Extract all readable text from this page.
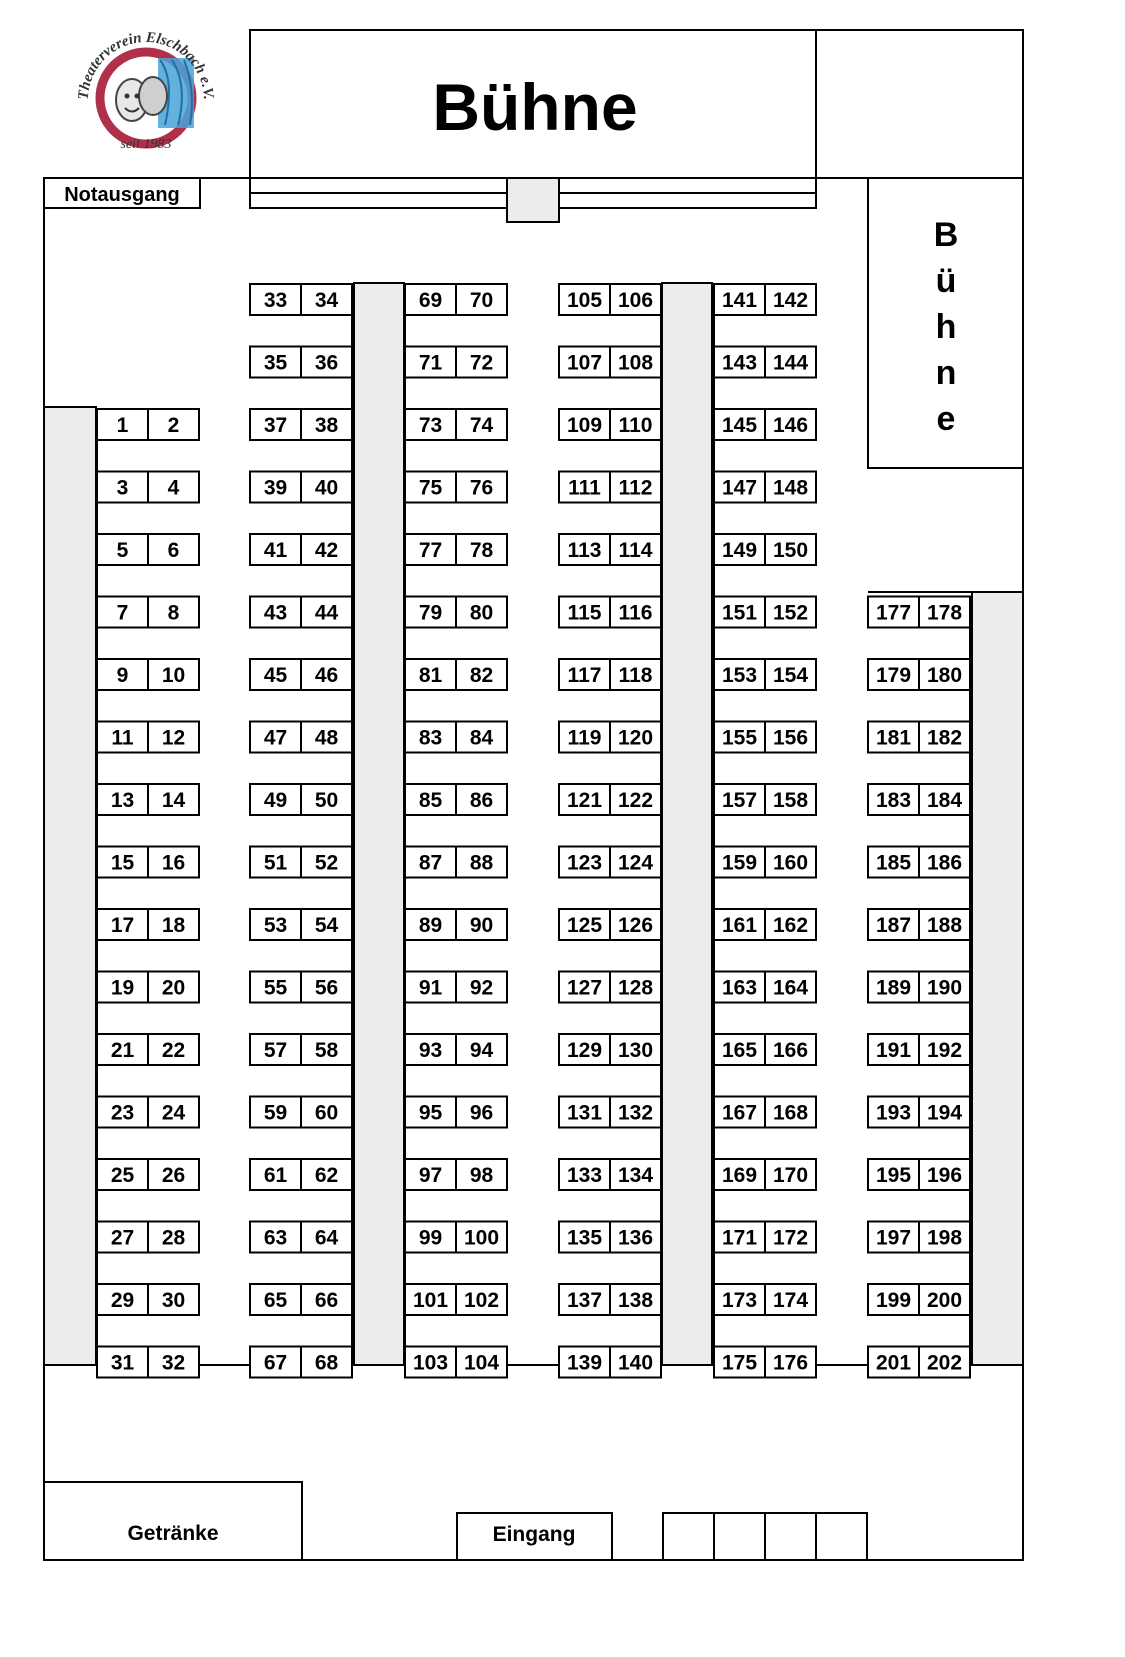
Theaterverein Elschbach e.V.
seit 1983
Bühne
Notausgang
B ü h n e
1 2
3 4
5 6
7 8
9 10
11 12
13 14
15 16
17 18
19 20
21 22
23 24
25 26
27 28
29 30
31 32
33 34
35 36
37 38
39 40
41 42
43 44
45 46
47 48
49 50
51 52
53 54
55 56
57 58
59 60
61 62
63 64
65 66
67 68
69 70
71 72
73 74
75 76
77 78
79 80
81 82
83 84
85 86
87 88
89 90
91 92
93 94
95 96
97 98
99 100
101 102
103 104
105 106
107 108
109 110
111 112
113 114
115 116
117 118
119 120
121 122
123 124
125 126
127 128
129 130
131 132
133 134
135 136
137 138
139 140
141 142
143 144
145 146
147 148
149 150
151 152
153 154
155 156
157 158
159 160
161 162
163 164
165 166
167 168
169 170
171 172
173 174
175 176
177 178
179 180
181 182
183 184
185 186
187 188
189 190
191 192
193 194
195 196
197 198
199 200
201 202
Getränke	Eingang
